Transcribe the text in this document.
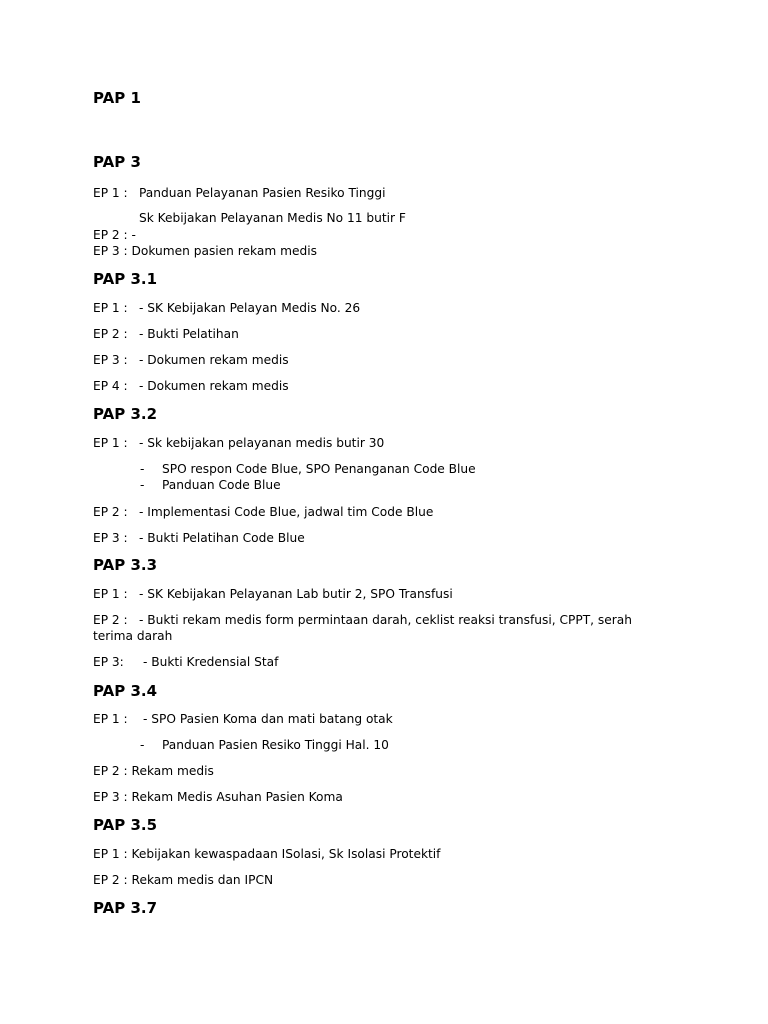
PAP 1
PAP 3
EP 1 : Panduan Pelayanan Pasien Resiko Tinggi
Sk Kebijakan Pelayanan Medis No 11 butir F
EP 2 : -
EP 3 : Dokumen pasien rekam medis
PAP 3.1
EP 1 : - SK Kebijakan Pelayan Medis No. 26
EP 2 : - Bukti Pelatihan
EP 3 : - Dokumen rekam medis
EP 4 : - Dokumen rekam medis
PAP 3.2
EP 1 : - Sk kebijakan pelayanan medis butir 30
- SPO respon Code Blue, SPO Penanganan Code Blue
- Panduan Code Blue
EP 2 : - Implementasi Code Blue, jadwal tim Code Blue
EP 3 : - Bukti Pelatihan Code Blue
PAP 3.3
EP 1 : - SK Kebijakan Pelayanan Lab butir 2, SPO Transfusi
EP 2 : - Bukti rekam medis form permintaan darah, ceklist reaksi transfusi, CPPT, serah terima darah
EP 3: - Bukti Kredensial Staf
PAP 3.4
EP 1 : - SPO Pasien Koma dan mati batang otak
- Panduan Pasien Resiko Tinggi Hal. 10
EP 2 : Rekam medis
EP 3 : Rekam Medis Asuhan Pasien Koma
PAP 3.5
EP 1 : Kebijakan kewaspadaan ISolasi, Sk Isolasi Protektif
EP 2 : Rekam medis dan IPCN
PAP 3.7
